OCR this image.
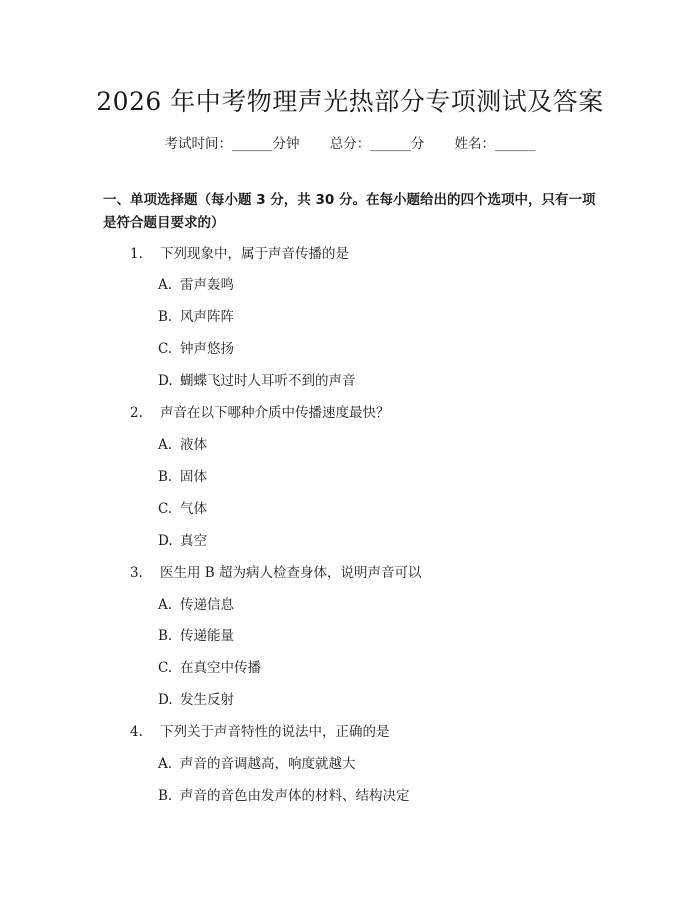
2026 年中考物理声光热部分专项测试及答案
考试时间：______分钟 总分：______分 姓名：______
一、单项选择题（每小题 3 分，共 30 分。在每小题给出的四个选项中，只有一项是符合题目要求的）
1. 下列现象中，属于声音传播的是
A. 雷声轰鸣
B. 风声阵阵
C. 钟声悠扬
D. 蝴蝶飞过时人耳听不到的声音
2. 声音在以下哪种介质中传播速度最快？
A. 液体
B. 固体
C. 气体
D. 真空
3. 医生用 B 超为病人检查身体，说明声音可以
A. 传递信息
B. 传递能量
C. 在真空中传播
D. 发生反射
4. 下列关于声音特性的说法中，正确的是
A. 声音的音调越高，响度就越大
B. 声音的音色由发声体的材料、结构决定
